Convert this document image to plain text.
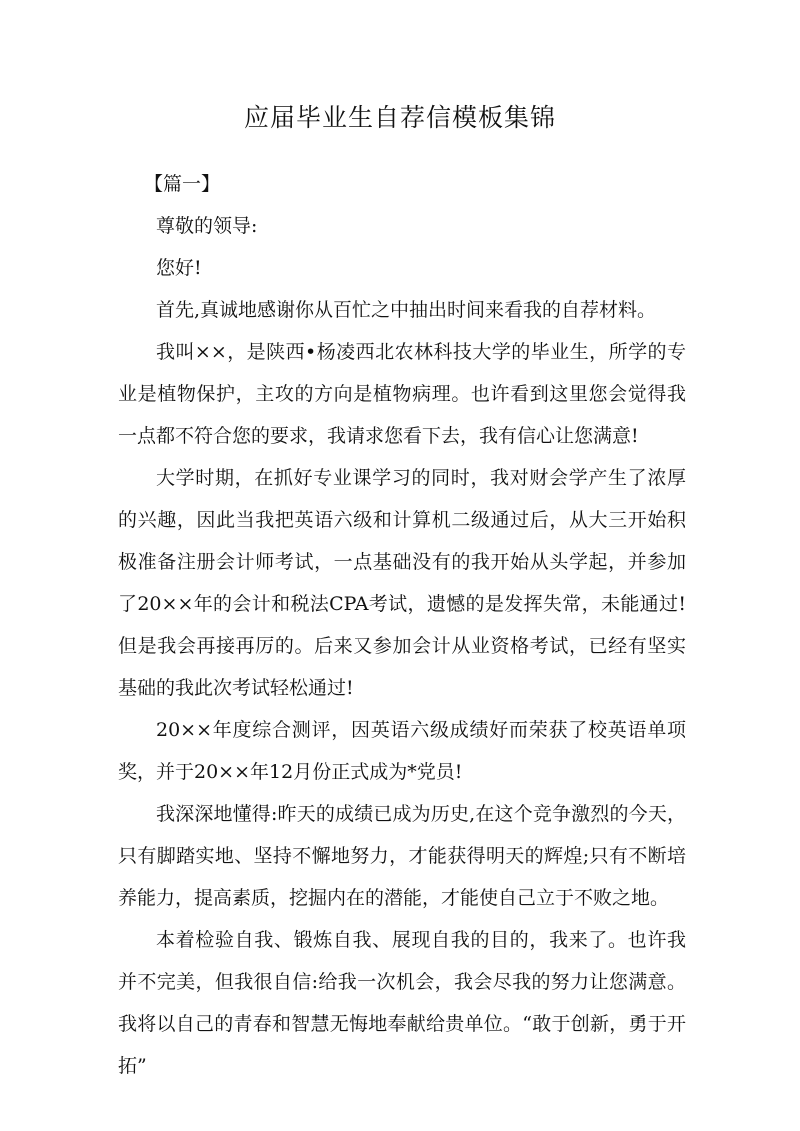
应届毕业生自荐信模板集锦

【篇一】

尊敬的领导:

您好!

首先,真诚地感谢你从百忙之中抽出时间来看我的自荐材料。

我叫××，是陕西•杨凌西北农林科技大学的毕业生，所学的专业是植物保护，主攻的方向是植物病理。也许看到这里您会觉得我一点都不符合您的要求，我请求您看下去，我有信心让您满意!

大学时期，在抓好专业课学习的同时，我对财会学产生了浓厚的兴趣，因此当我把英语六级和计算机二级通过后，从大三开始积极准备注册会计师考试，一点基础没有的我开始从头学起，并参加了20××年的会计和税法CPA考试，遗憾的是发挥失常，未能通过!但是我会再接再厉的。后来又参加会计从业资格考试，已经有坚实基础的我此次考试轻松通过!

20××年度综合测评，因英语六级成绩好而荣获了校英语单项奖，并于20××年12月份正式成为*党员!

我深深地懂得:昨天的成绩已成为历史,在这个竞争激烈的今天，只有脚踏实地、坚持不懈地努力，才能获得明天的辉煌;只有不断培养能力，提高素质，挖掘内在的潜能，才能使自己立于不败之地。

本着检验自我、锻炼自我、展现自我的目的，我来了。也许我并不完美，但我很自信:给我一次机会，我会尽我的努力让您满意。我将以自己的青春和智慧无悔地奉献给贵单位。“敢于创新，勇于开拓”
